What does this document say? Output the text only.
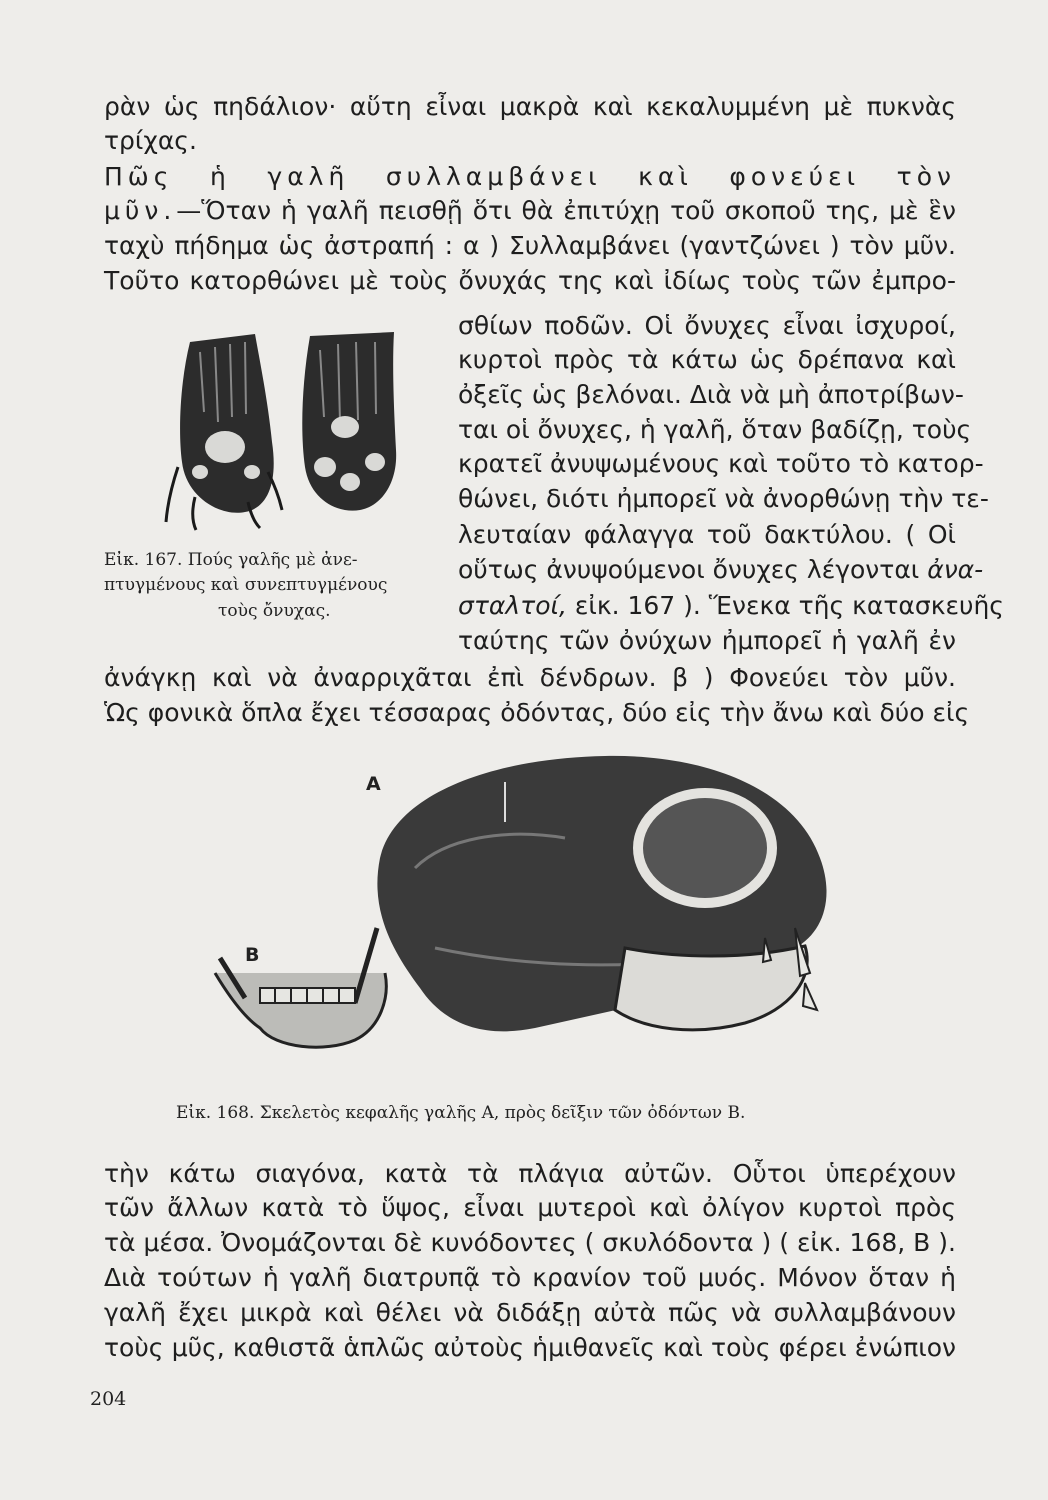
ρὰν ὡς πηδάλιον· αὕτη εἶναι μακρὰ καὶ κεκαλυμμένη μὲ πυκνὰς
τρίχας.
Πῶς ἡ γαλῆ συλλαμβάνει καὶ φονεύει τὸν
μῦν.—Ὅταν ἡ γαλῆ πεισθῇ ὅτι θὰ ἐπιτύχῃ τοῦ σκοποῦ της, μὲ ἓν
ταχὺ πήδημα ὡς ἀστραπή : α ) Συλλαμβάνει (γαντζώνει ) τὸν μῦν.
Τοῦτο κατορθώνει μὲ τοὺς ὄνυχάς της καὶ ἰδίως τοὺς τῶν ἐμπρο-
σθίων ποδῶν. Οἱ ὄνυχες εἶναι ἰσχυροί,
κυρτοὶ πρὸς τὰ κάτω ὡς δρέπανα καὶ
ὀξεῖς ὡς βελόναι. Διὰ νὰ μὴ ἀποτρίβων-
ται οἱ ὄνυχες, ἡ γαλῆ, ὅταν βαδίζῃ, τοὺς
κρατεῖ ἀνυψωμένους καὶ τοῦτο τὸ κατορ-
θώνει, διότι ἠμπορεῖ νὰ ἀνορθώνῃ τὴν τε-
λευταίαν φάλαγγα τοῦ δακτύλου. ( Οἱ
οὕτως ἀνυψούμενοι ὄνυχες λέγονται ἀνα-
σταλτοί, εἰκ. 167 ). Ἕνεκα τῆς κατασκευῆς
ταύτης τῶν ὀνύχων ἠμπορεῖ ἡ γαλῆ ἐν
Εἰκ. 167. Πούς γαλῆς μὲ ἀνε-
πτυγμένους καὶ συνεπτυγμένους
τοὺς ὄνυχας.
ἀνάγκῃ καὶ νὰ ἀναρριχᾶται ἐπὶ δένδρων. β ) Φονεύει τὸν μῦν.
Ὡς φονικὰ ὅπλα ἔχει τέσσαρας ὀδόντας, δύο εἰς τὴν ἄνω καὶ δύο εἰς
A
B
Εἰκ. 168. Σκελετὸς κεφαλῆς γαλῆς A, πρὸς δεῖξιν τῶν ὀδόντων B.
τὴν κάτω σιαγόνα, κατὰ τὰ πλάγια αὐτῶν. Οὗτοι ὑπερέχουν
τῶν ἄλλων κατὰ τὸ ὕψος, εἶναι μυτεροὶ καὶ ὀλίγον κυρτοὶ πρὸς
τὰ μέσα. Ὀνομάζονται δὲ κυνόδοντες ( σκυλόδοντα ) ( εἰκ. 168, Β ).
Διὰ τούτων ἡ γαλῆ διατρυπᾷ τὸ κρανίον τοῦ μυός. Μόνον ὅταν ἡ
γαλῆ ἔχει μικρὰ καὶ θέλει νὰ διδάξῃ αὐτὰ πῶς νὰ συλλαμβάνουν
τοὺς μῦς, καθιστᾶ ἁπλῶς αὐτοὺς ἡμιθανεῖς καὶ τοὺς φέρει ἐνώπιον
204
